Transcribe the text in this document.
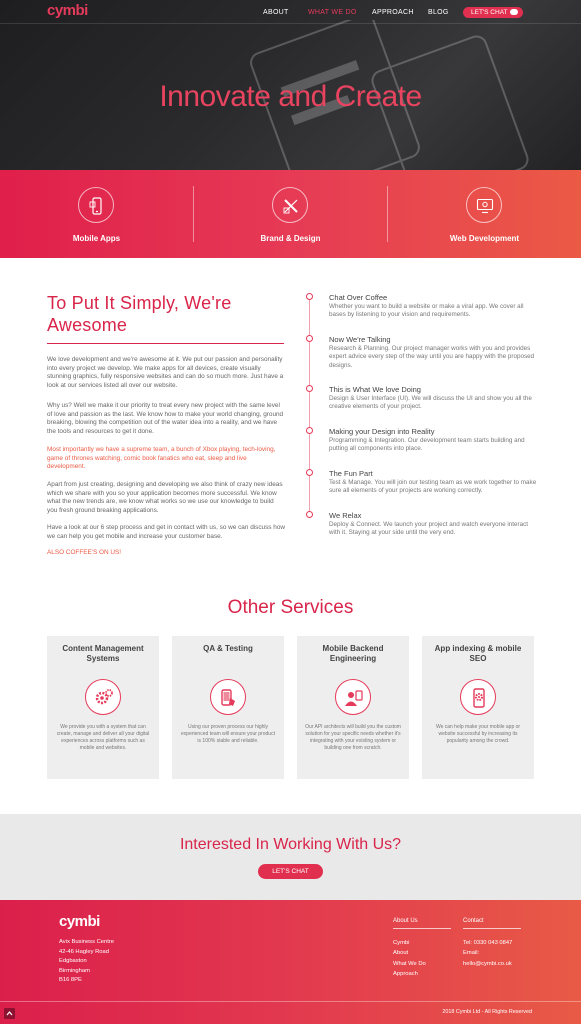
cymbi	ABOUT	WHAT WE DO APPROACH BLOG	LET'S CHAT
Innovate and Create
Mobile Apps	Brand & Design	Web Development
To Put It Simply, We're Awesome
We love development and we're awesome at it. We put our passion and personality into every project we develop. We make apps for all devices, create visually stunning graphics, fully responsive websites and can do so much more. Just have a look at our services listed all over our website.
Why us? Well we make it our priority to treat every new project with the same level of love and passion as the last. We know how to make your world changing, ground breaking, blowing the competition out of the water idea into a reality, and we have the tools and resources to get it done.
Most importantly we have a supreme team, a bunch of Xbox playing, tech-loving, game of thrones watching, comic book fanatics who eat, sleep and live development.
Apart from just creating, designing and developing we also think of crazy new ideas which we share with you so your application becomes more successful. We know what the new trends are, we know what works so we use our knowledge to build you fresh ground breaking applications.
Have a look at our 6 step process and get in contact with us, so we can discuss how we can help you get mobile and increase your customer base.
ALSO COFFEE'S ON US!
Chat Over Coffee
Whether you want to build a website or make a viral app. We cover all bases by listening to your vision and requirements.
Now We're Talking
Research & Planning. Our project manager works with you and provides expert advice every step of the way until you are happy with the proposed designs.
This is What We love Doing
Design & User Interface (UI). We will discuss the UI and show you all the creative elements of your project.
Making your Design into Reality
Programming & Integration. Our development team starts building and putting all components into place.
The Fun Part
Test & Manage. You will join our testing team as we work together to make sure all elements of your projects are working correctly.
We Relax
Deploy & Connect. We launch your project and watch everyone interact with it. Staying at your side until the very end.
Other Services
Content Management Systems
We provide you with a system that can create, manage and deliver all your digital experiences across platforms such as mobile and websites.
QA & Testing
Using our proven process our highly experienced team will ensure your product is 100% stable and reliable.
Mobile Backend Engineering
Our API architects will build you the custom solution for your specific needs whether it's integrating with your existing system or building one from scratch.
App indexing & mobile SEO
We can help make your mobile app or website successful by increasing its popularity among the crowd.
Interested In Working With Us?
LET'S CHAT
cymbi
Avix Business Centre
42-46 Hagley Road
Edgbaston
Birmingham
B16 8PE
About Us
Cymbi
About
What We Do
Approach
Contact
Tel: 0330 043 0847
Email:
hello@cymbi.co.uk
2018 Cymbi Ltd - All Rights Reserved
